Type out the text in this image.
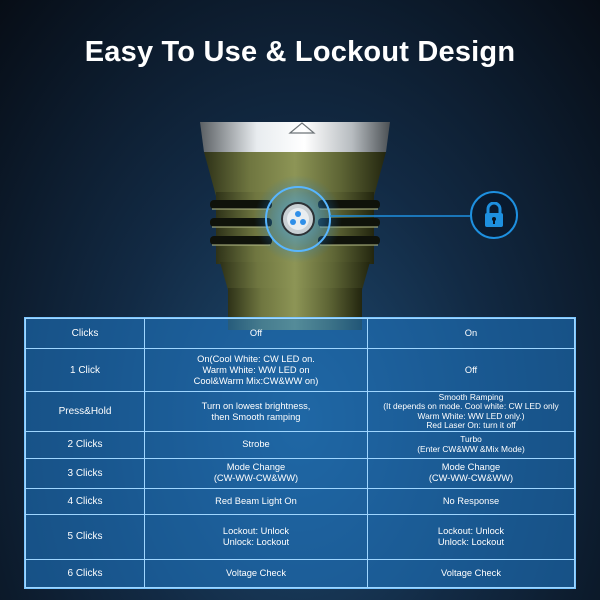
Easy To Use & Lockout Design
Clicks	Off	On
1 Click	On(Cool White: CW LED on.
Warm White: WW LED on
Cool&Warm Mix:CW&WW on)	Off
Press&Hold	Turn on lowest brightness,
then Smooth ramping	Smooth Ramping
(It depends on mode. Cool white: CW LED only
Warm White: WW LED only.)
Red Laser On: turn it off
2 Clicks	Strobe	Turbo
(Enter CW&WW &Mix Mode)
3 Clicks	Mode Change
(CW-WW-CW&WW)	Mode Change
(CW-WW-CW&WW)
4 Clicks	Red Beam Light On	No Response
5 Clicks	Lockout: Unlock
Unlock: Lockout	Lockout: Unlock
Unlock: Lockout
6 Clicks	Voltage Check	Voltage Check
